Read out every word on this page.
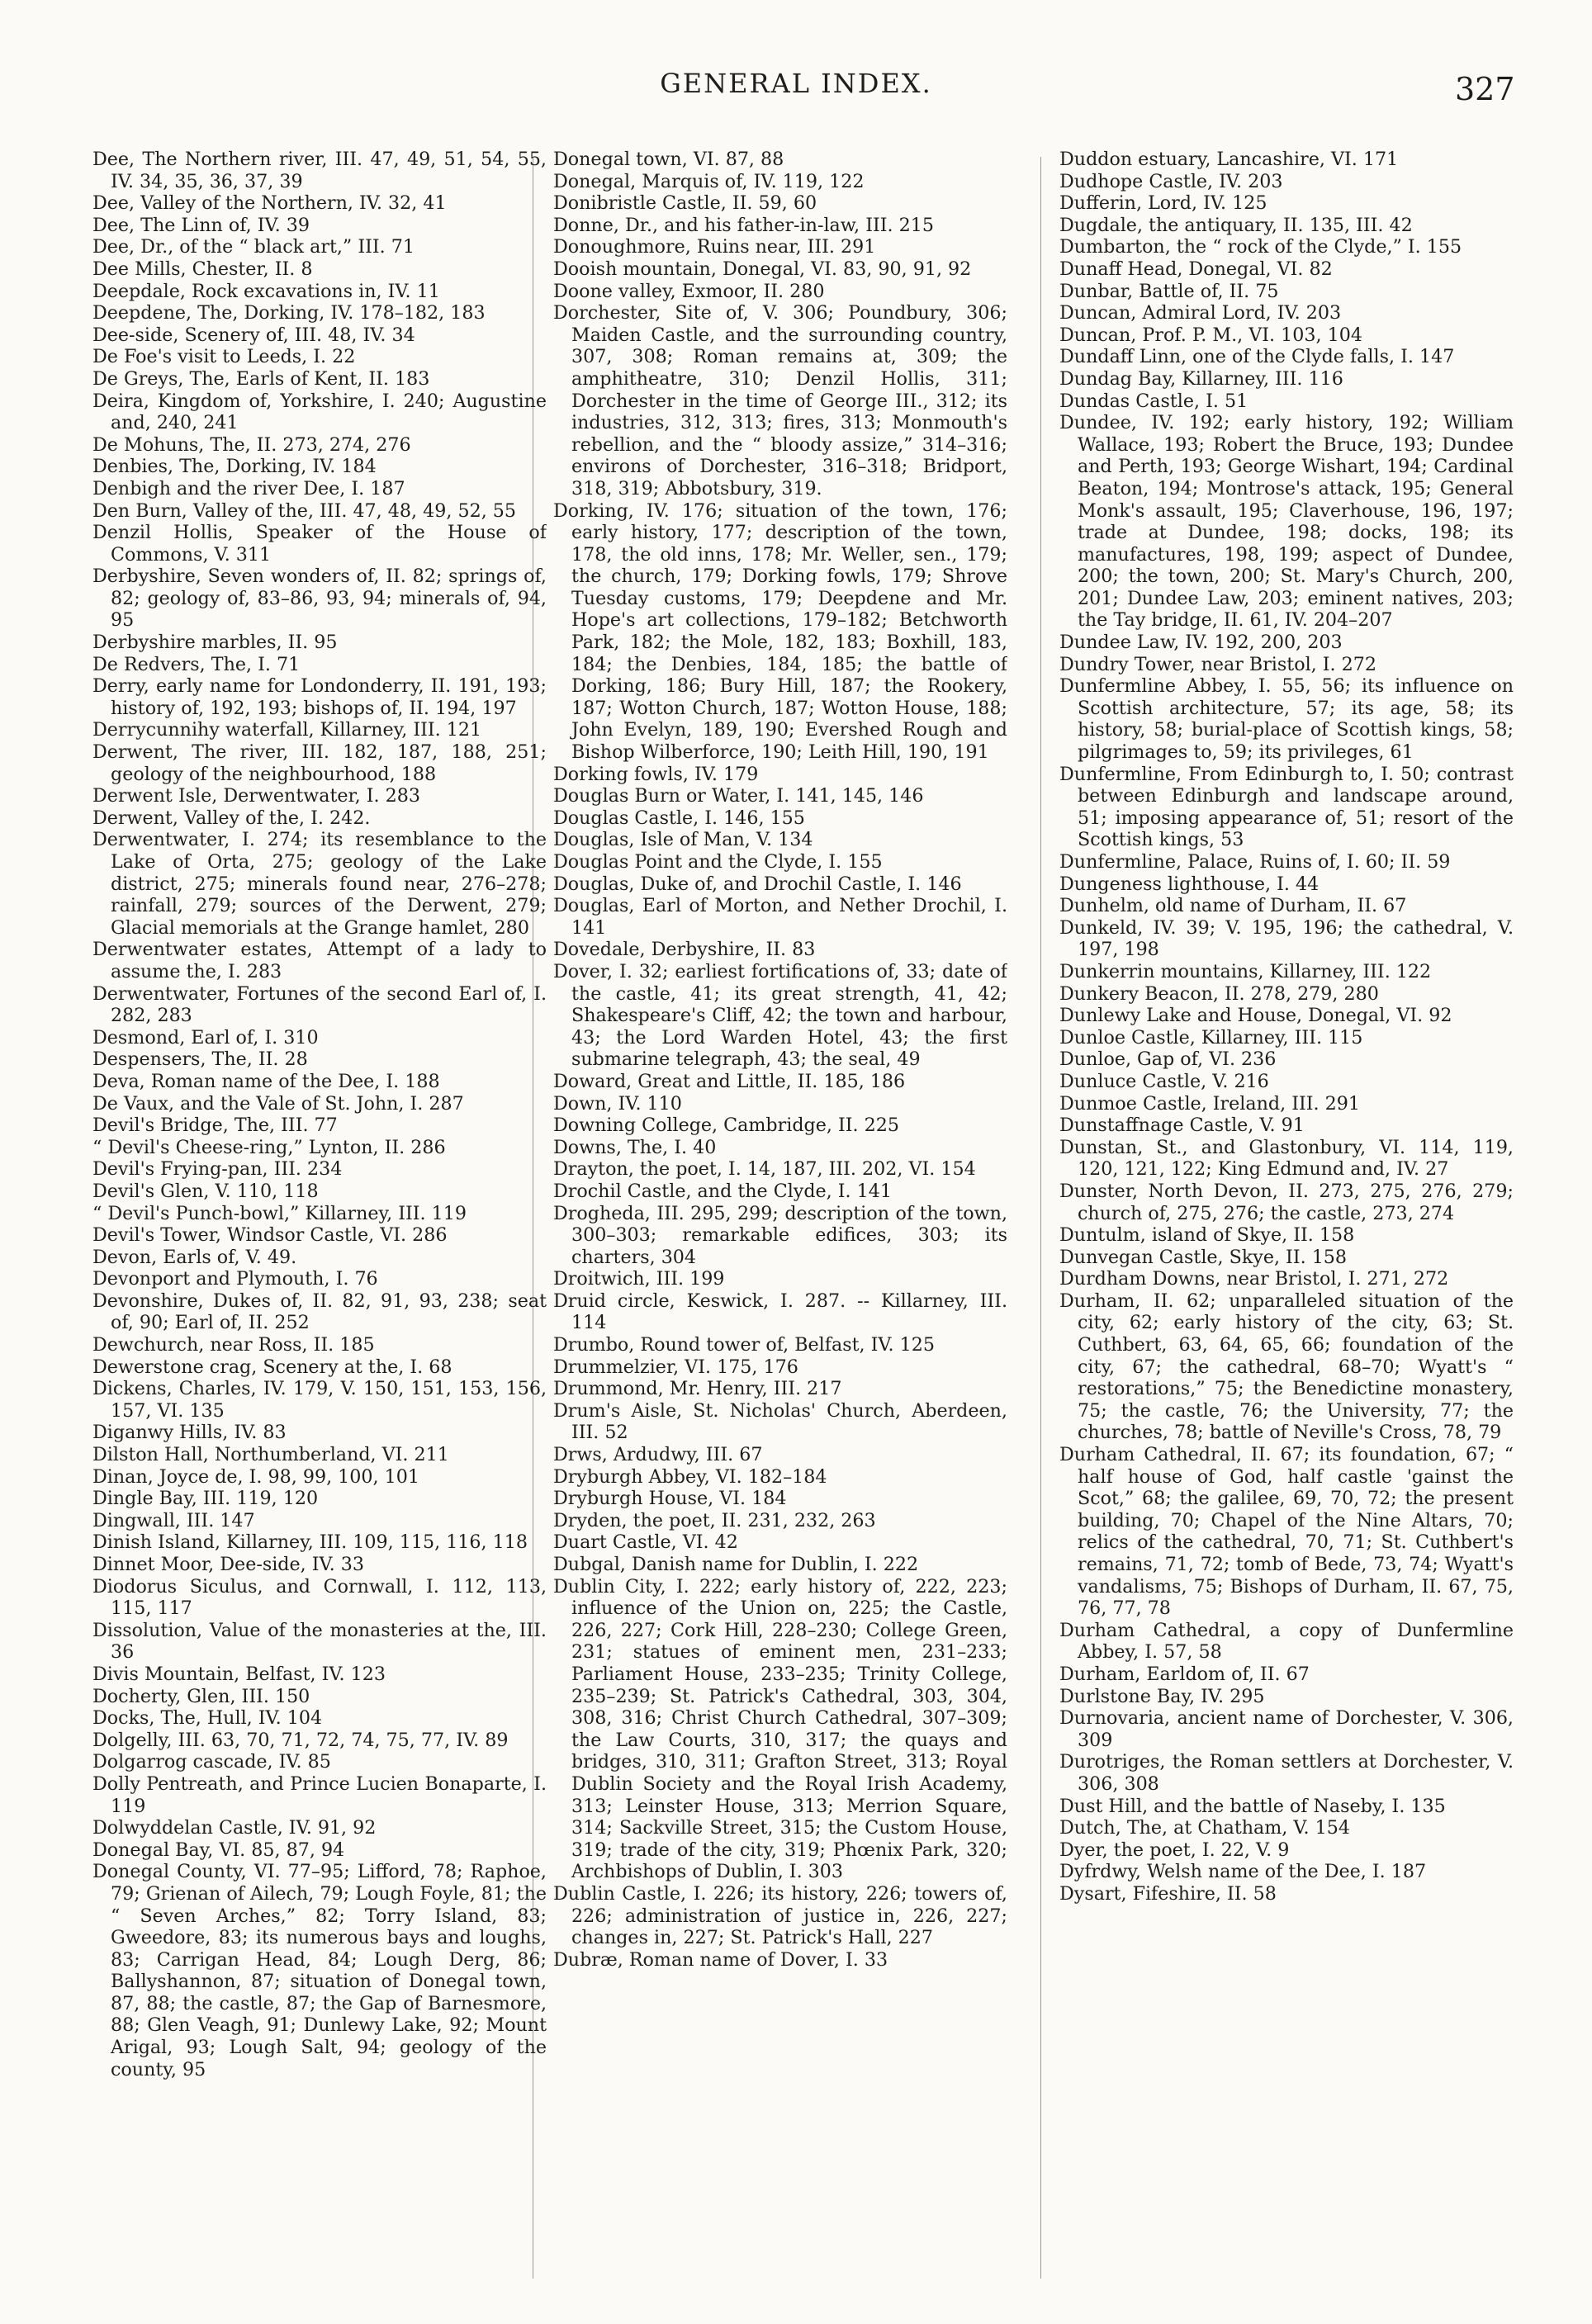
GENERAL INDEX.	327

Dee, The Northern river, III. 47, 49, 51, 54, 55, IV. 34, 35, 36, 37, 39

Dee, Valley of the Northern, IV. 32, 41

Dee, The Linn of, IV. 39

Dee, Dr., of the “ black art,” III. 71

Dee Mills, Chester, II. 8

Deepdale, Rock excavations in, IV. 11

Deepdene, The, Dorking, IV. 178–182, 183

Dee-side, Scenery of, III. 48, IV. 34

De Foe's visit to Leeds, I. 22

De Greys, The, Earls of Kent, II. 183

Deira, Kingdom of, Yorkshire, I. 240; Augustine and, 240, 241

De Mohuns, The, II. 273, 274, 276

Denbies, The, Dorking, IV. 184

Denbigh and the river Dee, I. 187

Den Burn, Valley of the, III. 47, 48, 49, 52, 55

Denzil Hollis, Speaker of the House of Commons, V. 311

Derbyshire, Seven wonders of, II. 82; springs of, 82; geology of, 83–86, 93, 94; minerals of, 94, 95

Derbyshire marbles, II. 95

De Redvers, The, I. 71

Derry, early name for Londonderry, II. 191, 193; history of, 192, 193; bishops of, II. 194, 197

Derrycunnihy waterfall, Killarney, III. 121

Derwent, The river, III. 182, 187, 188, 251; geology of the neighbourhood, 188

Derwent Isle, Derwentwater, I. 283

Derwent, Valley of the, I. 242.

Derwentwater, I. 274; its resemblance to the Lake of Orta, 275; geology of the Lake district, 275; minerals found near, 276–278; rainfall, 279; sources of the Derwent, 279; Glacial memorials at the Grange hamlet, 280

Derwentwater estates, Attempt of a lady to assume the, I. 283

Derwentwater, Fortunes of the second Earl of, I. 282, 283

Desmond, Earl of, I. 310

Despensers, The, II. 28

Deva, Roman name of the Dee, I. 188

De Vaux, and the Vale of St. John, I. 287

Devil's Bridge, The, III. 77

“ Devil's Cheese-ring,” Lynton, II. 286

Devil's Frying-pan, III. 234

Devil's Glen, V. 110, 118

“ Devil's Punch-bowl,” Killarney, III. 119

Devil's Tower, Windsor Castle, VI. 286

Devon, Earls of, V. 49.

Devonport and Plymouth, I. 76

Devonshire, Dukes of, II. 82, 91, 93, 238; seat of, 90; Earl of, II. 252

Dewchurch, near Ross, II. 185

Dewerstone crag, Scenery at the, I. 68

Dickens, Charles, IV. 179, V. 150, 151, 153, 156, 157, VI. 135

Diganwy Hills, IV. 83

Dilston Hall, Northumberland, VI. 211

Dinan, Joyce de, I. 98, 99, 100, 101

Dingle Bay, III. 119, 120

Dingwall, III. 147

Dinish Island, Killarney, III. 109, 115, 116, 118

Dinnet Moor, Dee-side, IV. 33

Diodorus Siculus, and Cornwall, I. 112, 113, 115, 117

Dissolution, Value of the monasteries at the, III. 36

Divis Mountain, Belfast, IV. 123

Docherty, Glen, III. 150

Docks, The, Hull, IV. 104

Dolgelly, III. 63, 70, 71, 72, 74, 75, 77, IV. 89

Dolgarrog cascade, IV. 85

Dolly Pentreath, and Prince Lucien Bonaparte, I. 119

Dolwyddelan Castle, IV. 91, 92

Donegal Bay, VI. 85, 87, 94

Donegal County, VI. 77–95; Lifford, 78; Raphoe, 79; Grienan of Ailech, 79; Lough Foyle, 81; the “ Seven Arches,” 82; Torry Island, 83; Gweedore, 83; its numerous bays and loughs, 83; Carrigan Head, 84; Lough Derg, 86; Ballyshannon, 87; situation of Donegal town, 87, 88; the castle, 87; the Gap of Barnesmore, 88; Glen Veagh, 91; Dunlewy Lake, 92; Mount Arigal, 93; Lough Salt, 94; geology of the county, 95

Donegal town, VI. 87, 88

Donegal, Marquis of, IV. 119, 122

Donibristle Castle, II. 59, 60

Donne, Dr., and his father-in-law, III. 215

Donoughmore, Ruins near, III. 291

Dooish mountain, Donegal, VI. 83, 90, 91, 92

Doone valley, Exmoor, II. 280

Dorchester, Site of, V. 306; Poundbury, 306; Maiden Castle, and the surrounding country, 307, 308; Roman remains at, 309; the amphitheatre, 310; Denzil Hollis, 311; Dorchester in the time of George III., 312; its industries, 312, 313; fires, 313; Monmouth's rebellion, and the “ bloody assize,” 314–316; environs of Dorchester, 316–318; Bridport, 318, 319; Abbotsbury, 319.

Dorking, IV. 176; situation of the town, 176; early history, 177; description of the town, 178, the old inns, 178; Mr. Weller, sen., 179; the church, 179; Dorking fowls, 179; Shrove Tuesday customs, 179; Deepdene and Mr. Hope's art collections, 179–182; Betchworth Park, 182; the Mole, 182, 183; Boxhill, 183, 184; the Denbies, 184, 185; the battle of Dorking, 186; Bury Hill, 187; the Rookery, 187; Wotton Church, 187; Wotton House, 188; John Evelyn, 189, 190; Evershed Rough and Bishop Wilberforce, 190; Leith Hill, 190, 191

Dorking fowls, IV. 179

Douglas Burn or Water, I. 141, 145, 146

Douglas Castle, I. 146, 155

Douglas, Isle of Man, V. 134

Douglas Point and the Clyde, I. 155

Douglas, Duke of, and Drochil Castle, I. 146

Douglas, Earl of Morton, and Nether Drochil, I. 141

Dovedale, Derbyshire, II. 83

Dover, I. 32; earliest fortifications of, 33; date of the castle, 41; its great strength, 41, 42; Shakespeare's Cliff, 42; the town and harbour, 43; the Lord Warden Hotel, 43; the first submarine telegraph, 43; the seal, 49

Doward, Great and Little, II. 185, 186

Down, IV. 110

Downing College, Cambridge, II. 225

Downs, The, I. 40

Drayton, the poet, I. 14, 187, III. 202, VI. 154

Drochil Castle, and the Clyde, I. 141

Drogheda, III. 295, 299; description of the town, 300–303; remarkable edifices, 303; its charters, 304

Droitwich, III. 199

Druid circle, Keswick, I. 287. -- Killarney, III. 114

Drumbo, Round tower of, Belfast, IV. 125

Drummelzier, VI. 175, 176

Drummond, Mr. Henry, III. 217

Drum's Aisle, St. Nicholas' Church, Aberdeen, III. 52

Drws, Ardudwy, III. 67

Dryburgh Abbey, VI. 182–184

Dryburgh House, VI. 184

Dryden, the poet, II. 231, 232, 263

Duart Castle, VI. 42

Dubgal, Danish name for Dublin, I. 222

Dublin City, I. 222; early history of, 222, 223; influence of the Union on, 225; the Castle, 226, 227; Cork Hill, 228–230; College Green, 231; statues of eminent men, 231–233; Parliament House, 233–235; Trinity College, 235–239; St. Patrick's Cathedral, 303, 304, 308, 316; Christ Church Cathedral, 307–309; the Law Courts, 310, 317; the quays and bridges, 310, 311; Grafton Street, 313; Royal Dublin Society and the Royal Irish Academy, 313; Leinster House, 313; Merrion Square, 314; Sackville Street, 315; the Custom House, 319; trade of the city, 319; Phœnix Park, 320; Archbishops of Dublin, I. 303

Dublin Castle, I. 226; its history, 226; towers of, 226; administration of justice in, 226, 227; changes in, 227; St. Patrick's Hall, 227

Dubræ, Roman name of Dover, I. 33

Duddon estuary, Lancashire, VI. 171

Dudhope Castle, IV. 203

Dufferin, Lord, IV. 125

Dugdale, the antiquary, II. 135, III. 42

Dumbarton, the “ rock of the Clyde,” I. 155

Dunaff Head, Donegal, VI. 82

Dunbar, Battle of, II. 75

Duncan, Admiral Lord, IV. 203

Duncan, Prof. P. M., VI. 103, 104

Dundaff Linn, one of the Clyde falls, I. 147

Dundag Bay, Killarney, III. 116

Dundas Castle, I. 51

Dundee, IV. 192; early history, 192; William Wallace, 193; Robert the Bruce, 193; Dundee and Perth, 193; George Wishart, 194; Cardinal Beaton, 194; Montrose's attack, 195; General Monk's assault, 195; Claverhouse, 196, 197; trade at Dundee, 198; docks, 198; its manufactures, 198, 199; aspect of Dundee, 200; the town, 200; St. Mary's Church, 200, 201; Dundee Law, 203; eminent natives, 203; the Tay bridge, II. 61, IV. 204–207

Dundee Law, IV. 192, 200, 203

Dundry Tower, near Bristol, I. 272

Dunfermline Abbey, I. 55, 56; its influence on Scottish architecture, 57; its age, 58; its history, 58; burial-place of Scottish kings, 58; pilgrimages to, 59; its privileges, 61

Dunfermline, From Edinburgh to, I. 50; contrast between Edinburgh and landscape around, 51; imposing appearance of, 51; resort of the Scottish kings, 53

Dunfermline, Palace, Ruins of, I. 60; II. 59

Dungeness lighthouse, I. 44

Dunhelm, old name of Durham, II. 67

Dunkeld, IV. 39; V. 195, 196; the cathedral, V. 197, 198

Dunkerrin mountains, Killarney, III. 122

Dunkery Beacon, II. 278, 279, 280

Dunlewy Lake and House, Donegal, VI. 92

Dunloe Castle, Killarney, III. 115

Dunloe, Gap of, VI. 236

Dunluce Castle, V. 216

Dunmoe Castle, Ireland, III. 291

Dunstaffnage Castle, V. 91

Dunstan, St., and Glastonbury, VI. 114, 119, 120, 121, 122; King Edmund and, IV. 27

Dunster, North Devon, II. 273, 275, 276, 279; church of, 275, 276; the castle, 273, 274

Duntulm, island of Skye, II. 158

Dunvegan Castle, Skye, II. 158

Durdham Downs, near Bristol, I. 271, 272

Durham, II. 62; unparalleled situation of the city, 62; early history of the city, 63; St. Cuthbert, 63, 64, 65, 66; foundation of the city, 67; the cathedral, 68–70; Wyatt's “ restorations,” 75; the Benedictine monastery, 75; the castle, 76; the University, 77; the churches, 78; battle of Neville's Cross, 78, 79

Durham Cathedral, II. 67; its foundation, 67; “ half house of God, half castle 'gainst the Scot,” 68; the galilee, 69, 70, 72; the present building, 70; Chapel of the Nine Altars, 70; relics of the cathedral, 70, 71; St. Cuthbert's remains, 71, 72; tomb of Bede, 73, 74; Wyatt's vandalisms, 75; Bishops of Durham, II. 67, 75, 76, 77, 78

Durham Cathedral, a copy of Dunfermline Abbey, I. 57, 58

Durham, Earldom of, II. 67

Durlstone Bay, IV. 295

Durnovaria, ancient name of Dorchester, V. 306, 309

Durotriges, the Roman settlers at Dorchester, V. 306, 308

Dust Hill, and the battle of Naseby, I. 135

Dutch, The, at Chatham, V. 154

Dyer, the poet, I. 22, V. 9

Dyfrdwy, Welsh name of the Dee, I. 187

Dysart, Fifeshire, II. 58
